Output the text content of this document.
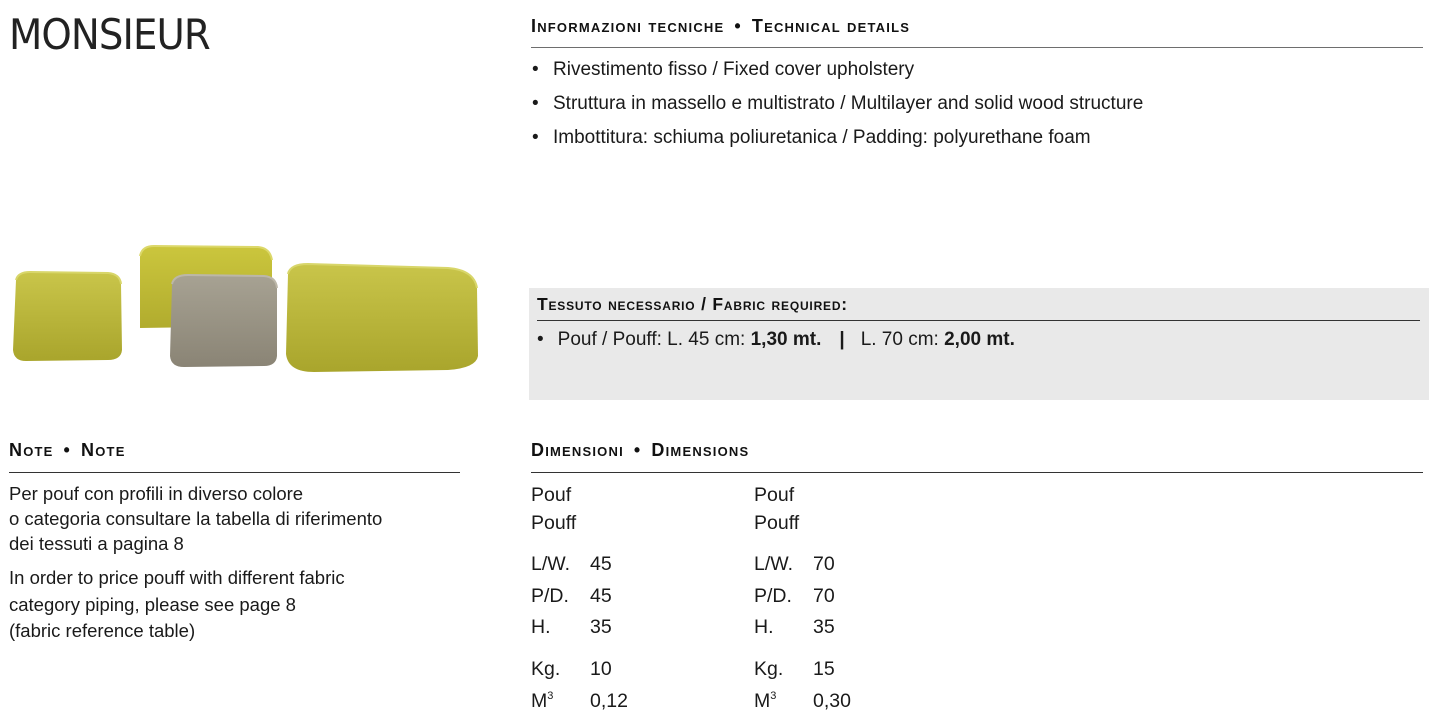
MONSIEUR	Informazioni tecniche • Technical details
• Rivestimento fisso / Fixed cover upholstery
• Struttura in massello e multistrato / Multilayer and solid wood structure
• Imbottitura: schiuma poliuretanica / Padding: polyurethane foam
Tessuto necessario / Fabric required:
• Pouf / Pouff: L. 45 cm: 1,30 mt. | L. 70 cm: 2,00 mt.
Note • Note
Per pouf con profili in diverso colore
o categoria consultare la tabella di riferimento
dei tessuti a pagina 8
In order to price pouff with different fabric
category piping, please see page 8
(fabric reference table)
Dimensioni • Dimensions
Pouf
Pouff
L/W. 45
P/D. 45
H. 35
Kg. 10
$M^3$ 0,12
Pouf
Pouff
L/W. 70
P/D. 70
H. 35
Kg. 15
$M^3$ 0,30
